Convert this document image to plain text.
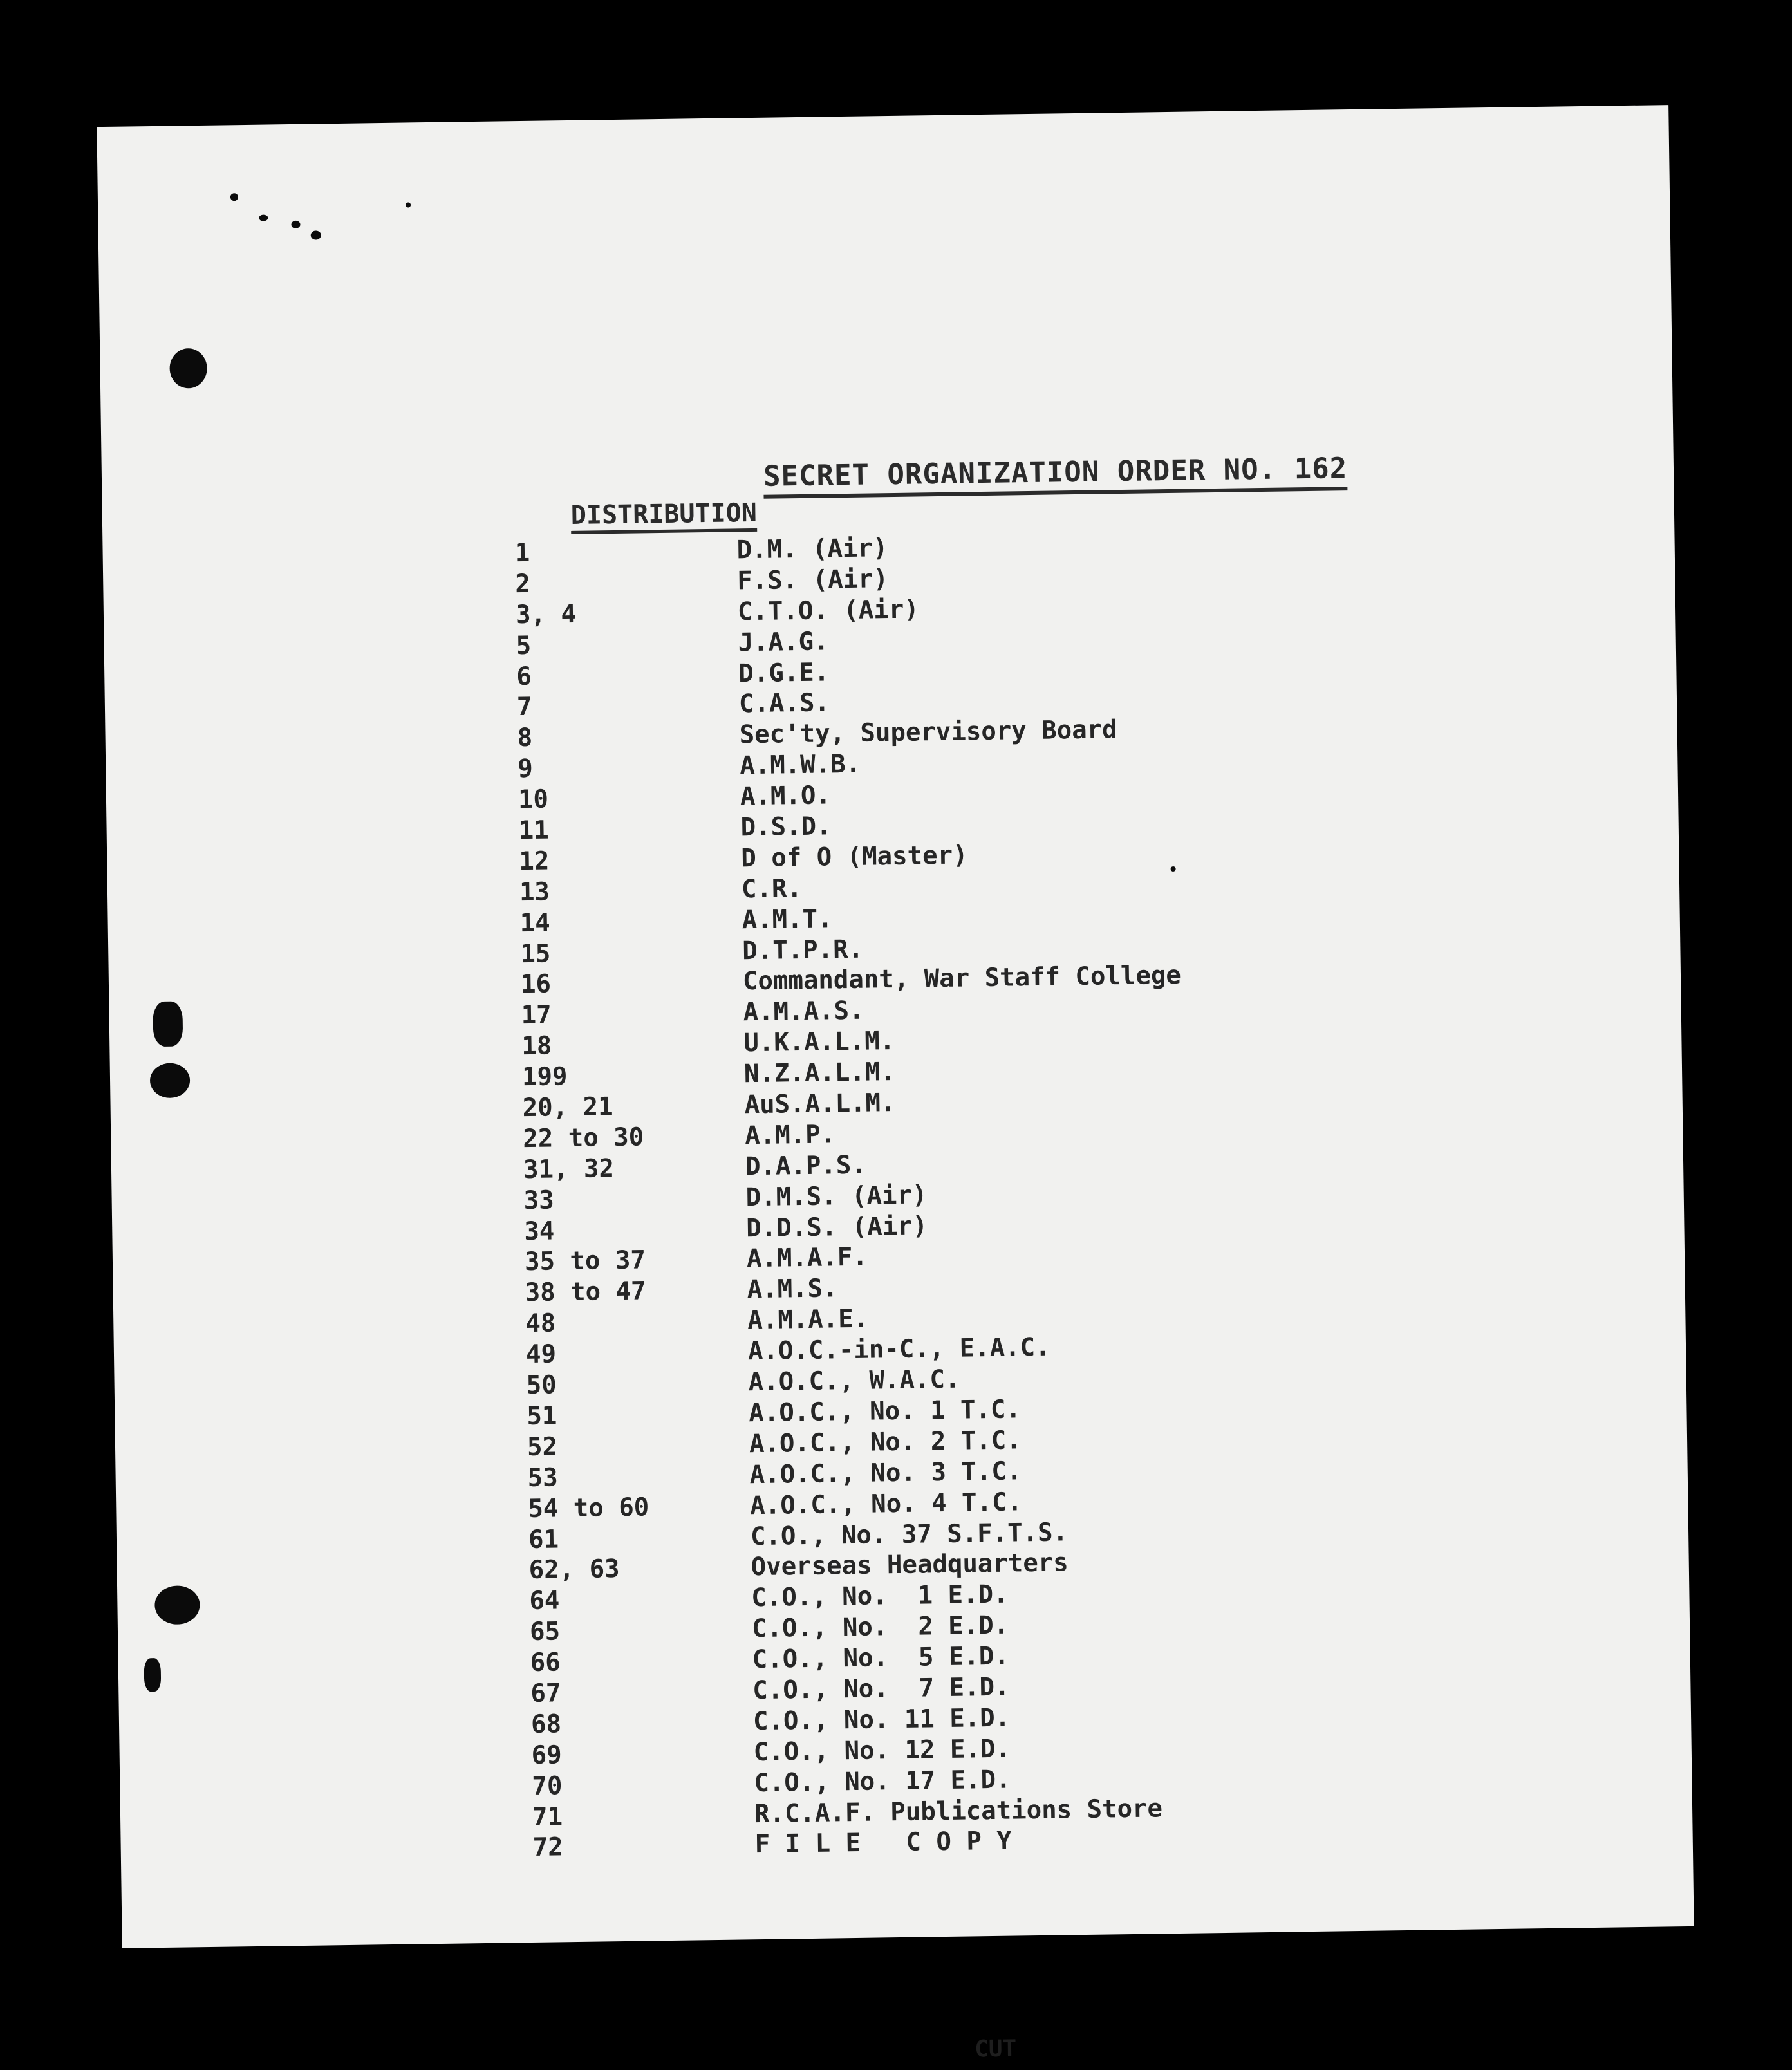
SECRET ORGANIZATION ORDER NO. 162
DISTRIBUTION
1	D.M. (Air)
2	F.S. (Air)
3, 4	C.T.O. (Air)
5	J.A.G.
6	D.G.E.
7	C.A.S.
8	Sec'ty, Supervisory Board
9	A.M.W.B.
10	A.M.O.
11	D.S.D.
12	D of O (Master)
13	C.R.
14	A.M.T.
15	D.T.P.R.
16	Commandant, War Staff College
17	A.M.A.S.
18	U.K.A.L.M.
199	N.Z.A.L.M.
20, 21	AuS.A.L.M.
22 to 30	A.M.P.
31, 32	D.A.P.S.
33	D.M.S. (Air)
34	D.D.S. (Air)
35 to 37	A.M.A.F.
38 to 47	A.M.S.
48	A.M.A.E.
49	A.O.C.-in-C., E.A.C.
50	A.O.C., W.A.C.
51	A.O.C., No. 1 T.C.
52	A.O.C., No. 2 T.C.
53	A.O.C., No. 3 T.C.
54 to 60	A.O.C., No. 4 T.C.
61	C.O., No. 37 S.F.T.S.
62, 63	Overseas Headquarters
64	C.O., No.  1 E.D.
65	C.O., No.  2 E.D.
66	C.O., No.  5 E.D.
67	C.O., No.  7 E.D.
68	C.O., No. 11 E.D.
69	C.O., No. 12 E.D.
70	C.O., No. 17 E.D.
71	R.C.A.F. Publications Store
72	F I L E   C O P Y
CUT
